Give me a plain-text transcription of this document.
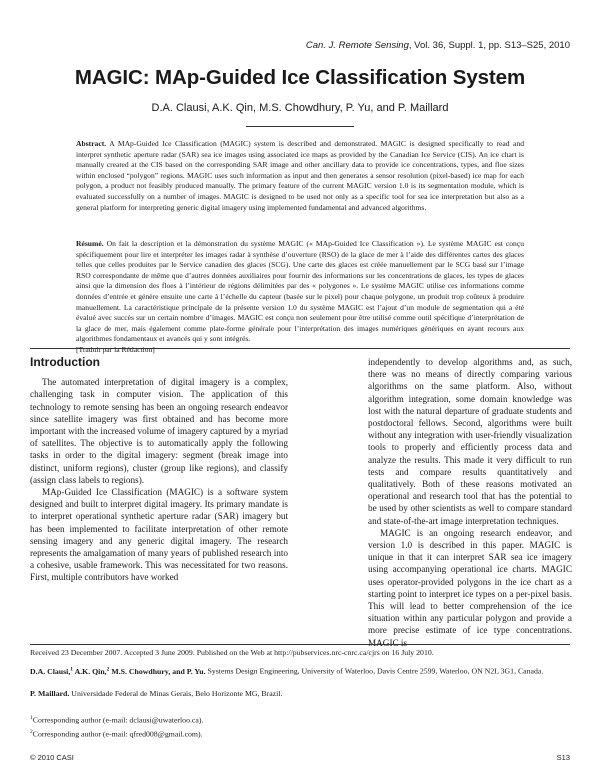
Can. J. Remote Sensing, Vol. 36, Suppl. 1, pp. S13–S25, 2010
MAGIC: MAp-Guided Ice Classification System
D.A. Clausi, A.K. Qin, M.S. Chowdhury, P. Yu, and P. Maillard
Abstract. A MAp-Guided Ice Classification (MAGIC) system is described and demonstrated. MAGIC is designed specifically to read and interpret synthetic aperture radar (SAR) sea ice images using associated ice maps as provided by the Canadian Ice Service (CIS). An ice chart is manually created at the CIS based on the corresponding SAR image and other ancillary data to provide ice concentrations, types, and floe sizes within enclosed “polygon” regions. MAGIC uses such information as input and then generates a sensor resolution (pixel-based) ice map for each polygon, a product not feasibly produced manually. The primary feature of the current MAGIC version 1.0 is its segmentation module, which is evaluated successfully on a number of images. MAGIC is designed to be used not only as a specific tool for sea ice interpretation but also as a general platform for interpreting generic digital imagery using implemented fundamental and advanced algorithms.
Résumé. On fait la description et la démonstration du système MAGIC (« MAp-Guided Ice Classification »). Le système MAGIC est conçu spécifiquement pour lire et interpréter les images radar à synthèse d’ouverture (RSO) de la glace de mer à l’aide des différentes cartes des glaces telles que celles produites par le Service canadien des glaces (SCG). Une carte des glaces est créée manuellement par le SCG basé sur l’image RSO correspondante de même que d’autres données auxiliaires pour fournir des informations sur les concentrations de glaces, les types de glaces ainsi que la dimension des floes à l’intérieur de régions délimitées par des « polygones ». Le système MAGIC utilise ces informations comme données d’entrée et génère ensuite une carte à l’échelle du capteur (basée sur le pixel) pour chaque polygone, un produit trop coûteux à produire manuellement. La caractéristique principale de la présente version 1.0 du système MAGIC est l’ajout d’un module de segmentation qui a été évalué avec succès sur un certain nombre d’images. MAGIC est conçu non seulement pour être utilisé comme outil spécifique d’interprétation de la glace de mer, mais également comme plate-forme générale pour l’interprétation des images numériques génériques en ayant recours aux algorithmes fondamentaux et avancés qui y sont intégrés.
[Traduit par la Rédaction]
Introduction

The automated interpretation of digital imagery is a complex, challenging task in computer vision. The application of this technology to remote sensing has been an ongoing research endeavor since satellite imagery was first obtained and has become more important with the increased volume of imagery captured by a myriad of satellites. The objective is to automatically apply the following tasks in order to the digital imagery: segment (break image into distinct, uniform regions), cluster (group like regions), and classify (assign class labels to regions).

MAp-Guided Ice Classification (MAGIC) is a software system designed and built to interpret digital imagery. Its primary mandate is to interpret operational synthetic aperture radar (SAR) imagery but has been implemented to facilitate interpretation of other remote sensing imagery and any generic digital imagery. The research represents the amalgamation of many years of published research into a cohesive, usable framework. This was necessitated for two reasons. First, multiple contributors have worked

independently to develop algorithms and, as such, there was no means of directly comparing various algorithms on the same platform. Also, without algorithm integration, some domain knowledge was lost with the natural departure of graduate students and postdoctoral fellows. Second, algorithms were built without any integration with user-friendly visualization tools to properly and efficiently process data and analyze the results. This made it very difficult to run tests and compare results quantitatively and qualitatively. Both of these reasons motivated an operational and research tool that has the potential to be used by other scientists as well to compare standard and state-of-the-art image interpretation techniques.

MAGIC is an ongoing research endeavor, and version 1.0 is described in this paper. MAGIC is unique in that it can interpret SAR sea ice imagery using accompanying operational ice charts. MAGIC uses operator-provided polygons in the ice chart as a starting point to interpret ice types on a per-pixel basis. This will lead to better comprehension of the ice situation within any particular polygon and provide a more precise estimate of ice type concentrations. MAGIC is

Received 23 December 2007. Accepted 3 June 2009. Published on the Web at http://pubservices.nrc-cnrc.ca/cjrs on 16 July 2010.
D.A. Clausi,$^1$ A.K. Qin,$^2$ M.S. Chowdhury, and P. Yu. Systems Design Engineering, University of Waterloo, Davis Centre 2599, Waterloo, ON N2L 3G1, Canada.
P. Maillard. Universidade Federal de Minas Gerais, Belo Horizonte MG, Brazil.
$^1$Corresponding author (e-mail: dclausi@uwaterloo.ca).
$^2$Corresponding author (e-mail: qfred008@gmail.com).
© 2010 CASI	S13
